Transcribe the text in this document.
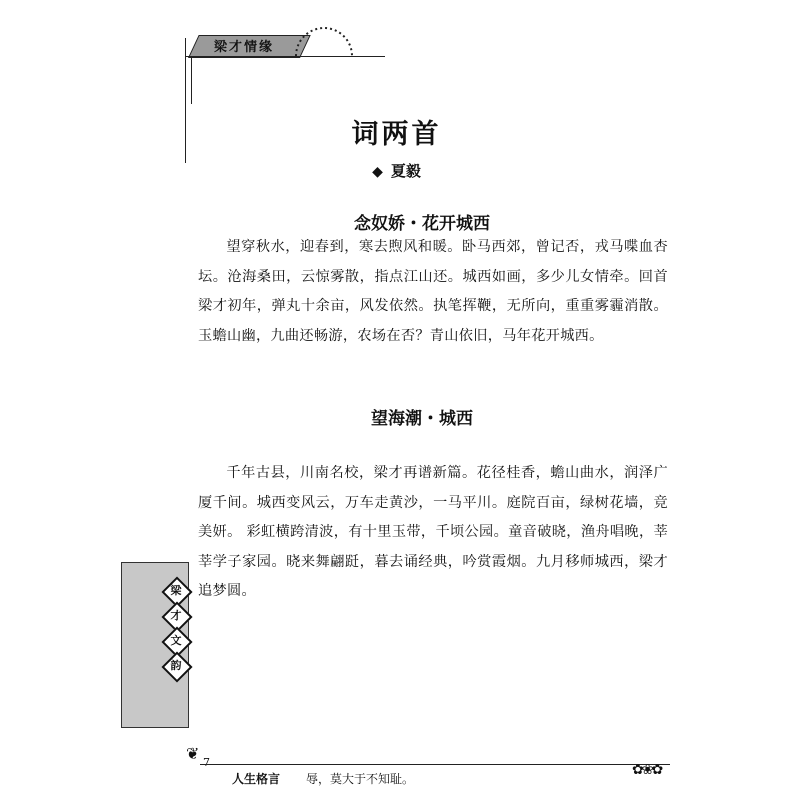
梁才情缘
词两首
◆ 夏毅
念奴娇・花开城西

望穿秋水，迎春到，寒去煦风和暖。卧马西郊，曾记否，戎马喋血杏坛。沧海桑田，云惊雾散，指点江山还。城西如画，多少儿女情牵。回首梁才初年，弹丸十余亩，风发依然。执笔挥鞭，无所向，重重雾霾消散。玉蟾山幽，九曲还畅游，农场在否？青山依旧，马年花开城西。

望海潮・城西

千年古县，川南名校，梁才再谱新篇。花径桂香，蟾山曲水，润泽广厦千间。城西变风云，万车走黄沙，一马平川。庭院百亩，绿树花墙，竞美妍。 彩虹横跨清波，有十里玉带，千顷公园。童音破晓，渔舟唱晚，莘莘学子家园。晓来舞翩跹，暮去诵经典，吟赏霞烟。九月移师城西，梁才追梦圆。

梁
才
文
韵
❦ 7
人生格言 辱，莫大于不知耻。
✿❀✿
